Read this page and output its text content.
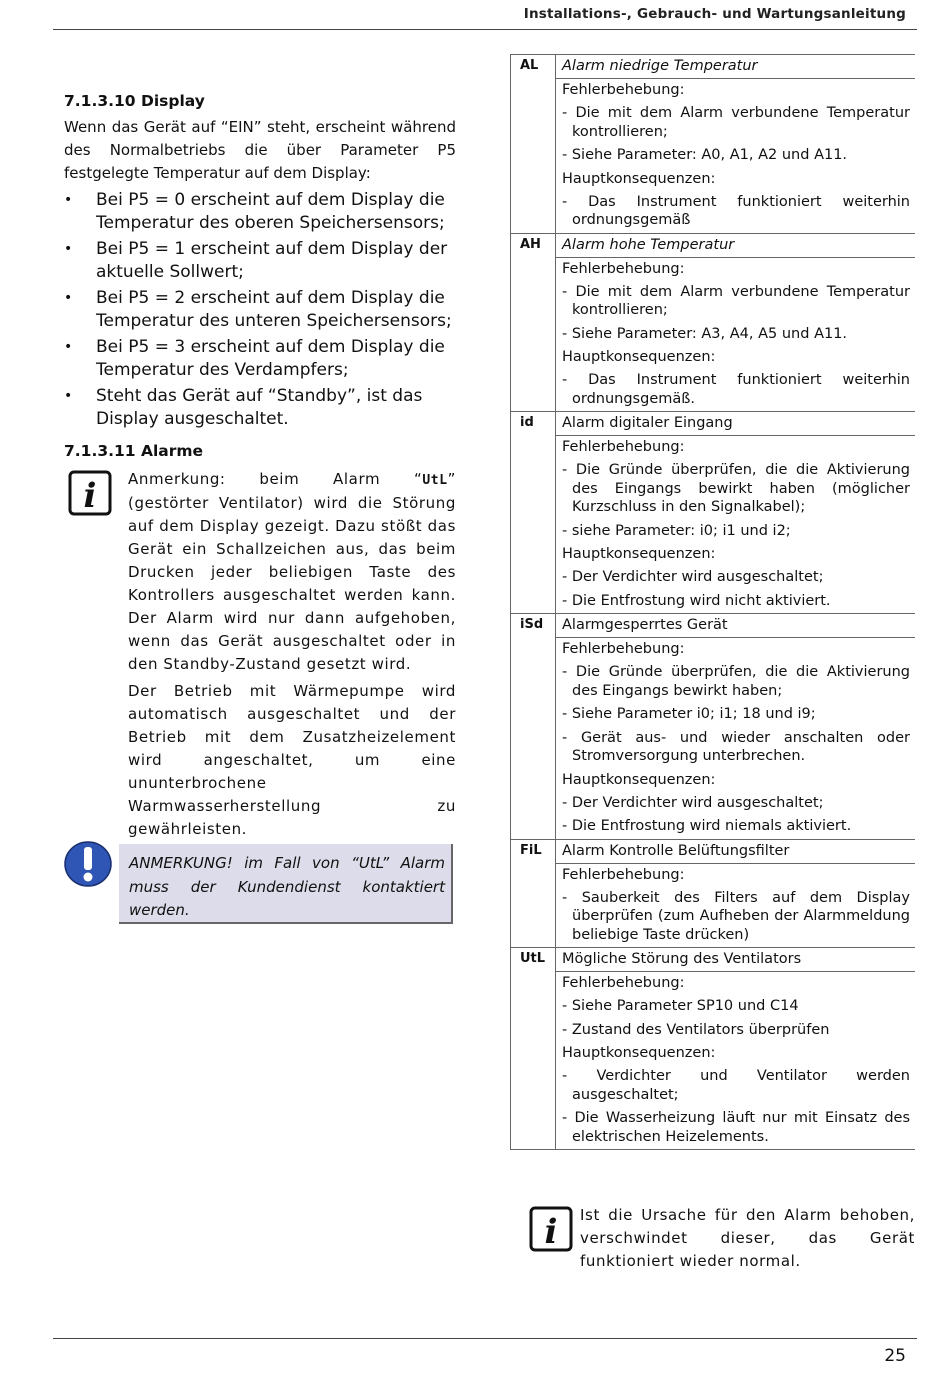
Installations-, Gebrauch- und Wartungsanleitung
7.1.3.10 Display

Wenn das Gerät auf “EIN” steht, erscheint während des Normalbetriebs die über Parameter P5 festgelegte Temperatur auf dem Display:

• Bei P5 = 0 erscheint auf dem Display die Temperatur des oberen Speichersensors;
• Bei P5 = 1 erscheint auf dem Display der aktuelle Sollwert;
• Bei P5 = 2 erscheint auf dem Display die Temperatur des unteren Speichersensors;
• Bei P5 = 3 erscheint auf dem Display die Temperatur des Verdampfers;
• Steht das Gerät auf “Standby”, ist das Display ausgeschaltet.
7.1.3.11 Alarme
i Anmerkung: beim Alarm “UtL” (gestörter Ventilator) wird die Störung auf dem Display gezeigt. Dazu stößt das Gerät ein Schallzeichen aus, das beim Drucken jeder beliebigen Taste des Kontrollers ausgeschaltet werden kann. Der Alarm wird nur dann aufgehoben, wenn das Gerät ausgeschaltet oder in den Standby-Zustand gesetzt wird.
Der Betrieb mit Wärmepumpe wird automatisch ausgeschaltet und der Betrieb mit dem Zusatzheizelement wird angeschaltet, um eine ununterbrochene Warmwasserherstellung zu gewährleisten.
ANMERKUNG! im Fall von “UtL” Alarm muss der Kundendienst kontaktiert werden.
AL	Alarm niedrige Temperatur
Fehlerbehebung:
- Die mit dem Alarm verbundene Temperatur kontrollieren;
- Siehe Parameter: A0, A1, A2 und A11.
Hauptkonsequenzen:
- Das Instrument funktioniert weiterhin ordnungsgemäß
AH	Alarm hohe Temperatur
Fehlerbehebung:
- Die mit dem Alarm verbundene Temperatur kontrollieren;
- Siehe Parameter: A3, A4, A5 und A11.
Hauptkonsequenzen:
- Das Instrument funktioniert weiterhin ordnungsgemäß.
id	Alarm digitaler Eingang
Fehlerbehebung:
- Die Gründe überprüfen, die die Aktivierung des Eingangs bewirkt haben (möglicher Kurzschluss in den Signalkabel);
- siehe Parameter: i0; i1 und i2;
Hauptkonsequenzen:
- Der Verdichter wird ausgeschaltet;
- Die Entfrostung wird nicht aktiviert.
iSd	Alarmgesperrtes Gerät
Fehlerbehebung:
- Die Gründe überprüfen, die die Aktivierung des Eingangs bewirkt haben;
- Siehe Parameter i0; i1; 18 und i9;
- Gerät aus- und wieder anschalten oder Stromversorgung unterbrechen.
Hauptkonsequenzen:
- Der Verdichter wird ausgeschaltet;
- Die Entfrostung wird niemals aktiviert.
FiL	Alarm Kontrolle Belüftungsfilter
Fehlerbehebung:
- Sauberkeit des Filters auf dem Display überprüfen (zum Aufheben der Alarmmeldung beliebige Taste drücken)
UtL	Mögliche Störung des Ventilators
Fehlerbehebung:
- Siehe Parameter SP10 und C14
- Zustand des Ventilators überprüfen
Hauptkonsequenzen:
- Verdichter und Ventilator werden ausgeschaltet;
- Die Wasserheizung läuft nur mit Einsatz des elektrischen Heizelements.
i Ist die Ursache für den Alarm behoben, verschwindet dieser, das Gerät funktioniert wieder normal.
25
